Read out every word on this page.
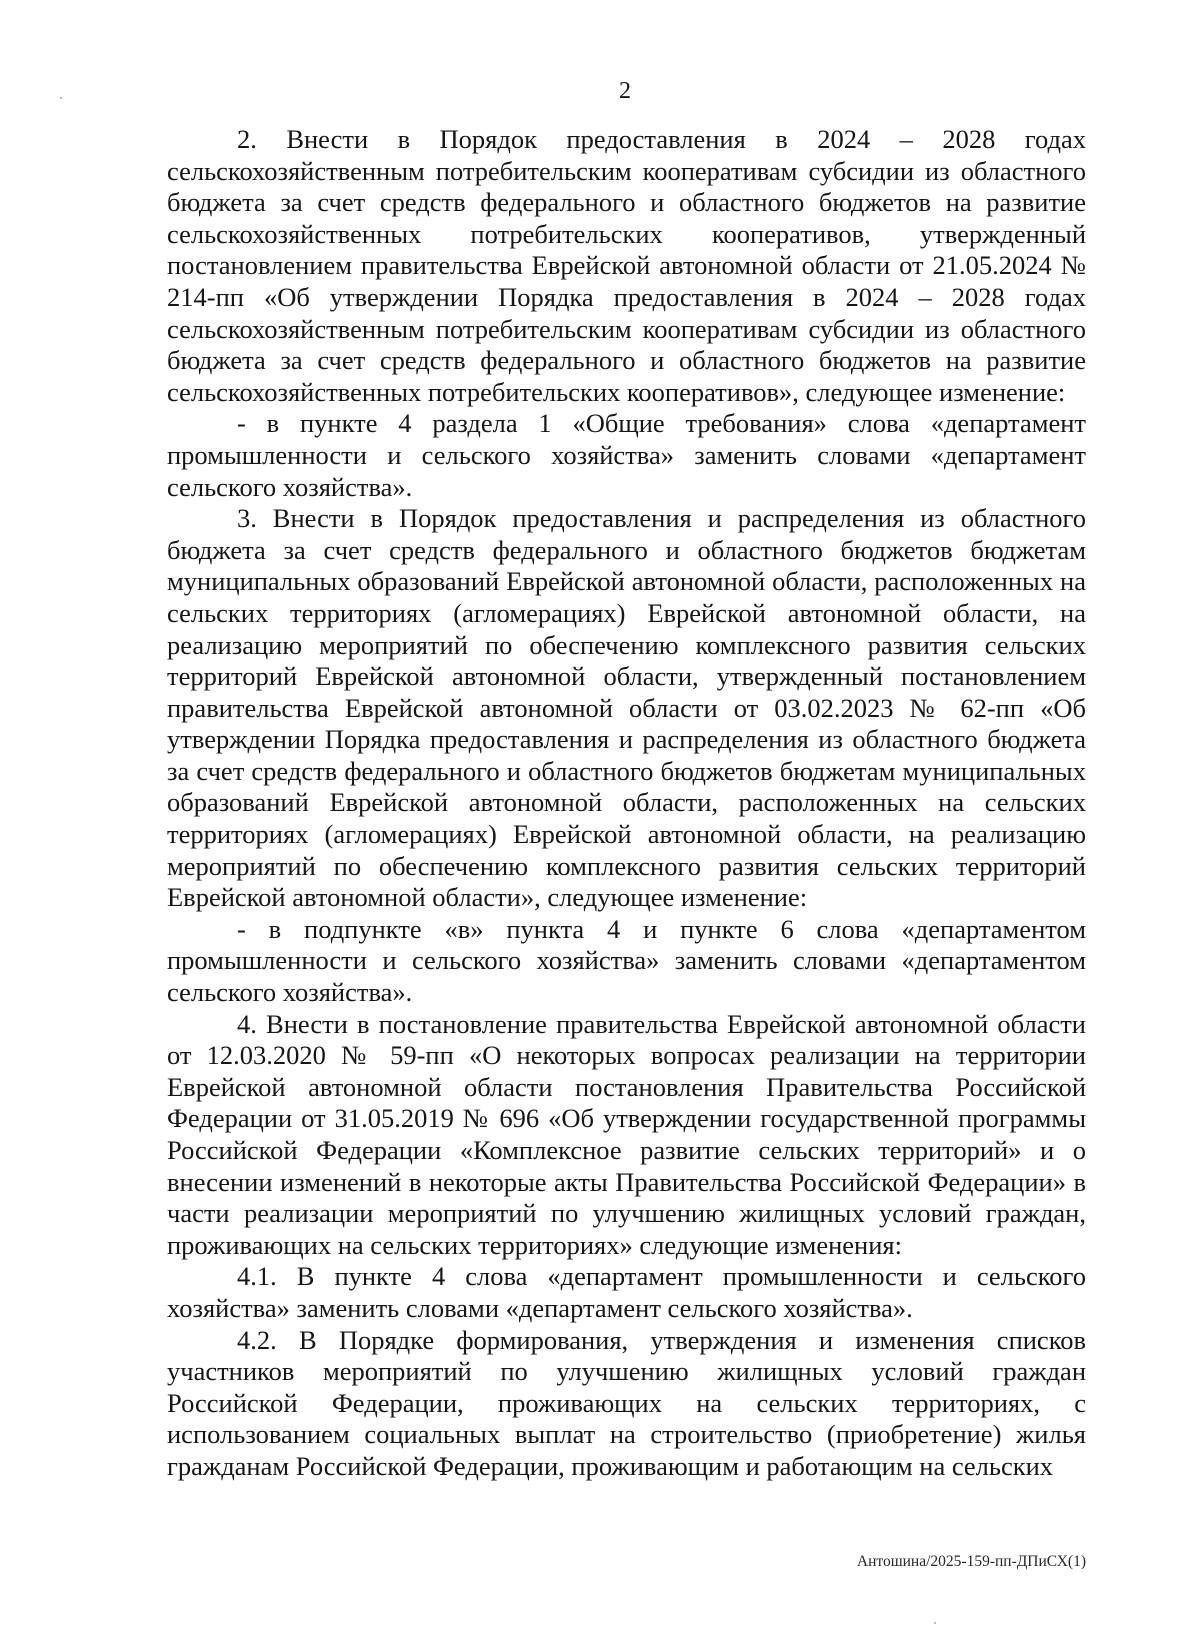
2

2. Внести в Порядок предоставления в 2024 – 2028 годах сельскохозяйственным потребительским кооперативам субсидии из областного бюджета за счет средств федерального и областного бюджетов на развитие сельскохозяйственных потребительских кооперативов, утвержденный постановлением правительства Еврейской автономной области от 21.05.2024 № 214-пп «Об утверждении Порядка предоставления в 2024 – 2028 годах сельскохозяйственным потребительским кооперативам субсидии из областного бюджета за счет средств федерального и областного бюджетов на развитие сельскохозяйственных потребительских кооперативов», следующее изменение:

- в пункте 4 раздела 1 «Общие требования» слова «департамент промышленности и сельского хозяйства» заменить словами «департамент сельского хозяйства».

3. Внести в Порядок предоставления и распределения из областного бюджета за счет средств федерального и областного бюджетов бюджетам муниципальных образований Еврейской автономной области, расположенных на сельских территориях (агломерациях) Еврейской автономной области, на реализацию мероприятий по обеспечению комплексного развития сельских территорий Еврейской автономной области, утвержденный постановлением правительства Еврейской автономной области от 03.02.2023 № 62-пп «Об утверждении Порядка предоставления и распределения из областного бюджета за счет средств федерального и областного бюджетов бюджетам муниципальных образований Еврейской автономной области, расположенных на сельских территориях (агломерациях) Еврейской автономной области, на реализацию мероприятий по обеспечению комплексного развития сельских территорий Еврейской автономной области», следующее изменение:

- в подпункте «в» пункта 4 и пункте 6 слова «департаментом промышленности и сельского хозяйства» заменить словами «департаментом сельского хозяйства».

4. Внести в постановление правительства Еврейской автономной области от 12.03.2020 № 59-пп «О некоторых вопросах реализации на территории Еврейской автономной области постановления Правительства Российской Федерации от 31.05.2019 № 696 «Об утверждении государственной программы Российской Федерации «Комплексное развитие сельских территорий» и о внесении изменений в некоторые акты Правительства Российской Федерации» в части реализации мероприятий по улучшению жилищных условий граждан, проживающих на сельских территориях» следующие изменения:

4.1. В пункте 4 слова «департамент промышленности и сельского хозяйства» заменить словами «департамент сельского хозяйства».

4.2. В Порядке формирования, утверждения и изменения списков участников мероприятий по улучшению жилищных условий граждан Российской Федерации, проживающих на сельских территориях, с использованием социальных выплат на строительство (приобретение) жилья гражданам Российской Федерации, проживающим и работающим на сельских

Антошина/2025-159-пп-ДПиСХ(1)
